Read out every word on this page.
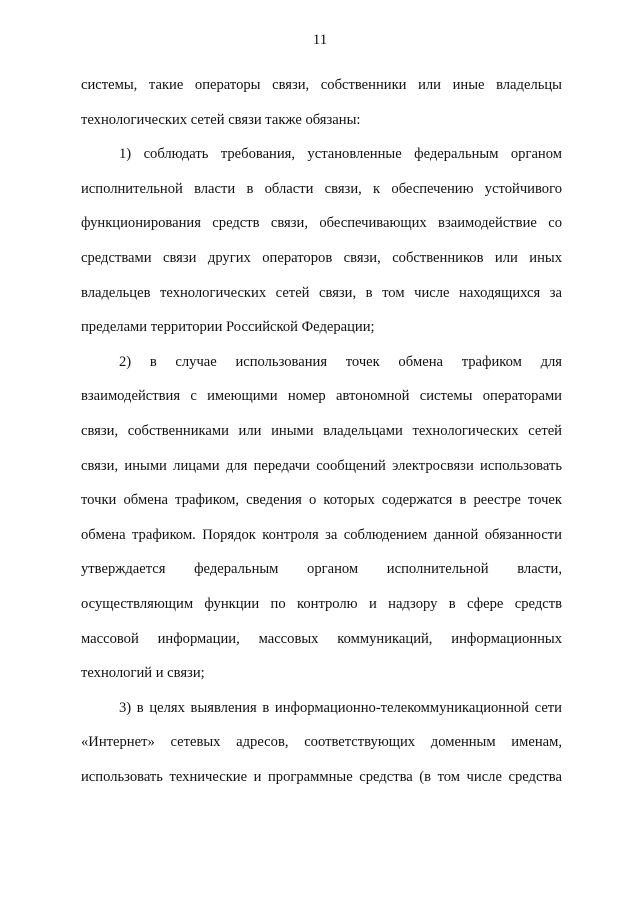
11
системы, такие операторы связи, собственники или иные владельцы
технологических сетей связи также обязаны:
1) соблюдать требования, установленные федеральным органом
исполнительной власти в области связи, к обеспечению устойчивого
функционирования средств связи, обеспечивающих взаимодействие со
средствами связи других операторов связи, собственников или иных
владельцев технологических сетей связи, в том числе находящихся за
пределами территории Российской Федерации;
2) в случае использования точек обмена трафиком для
взаимодействия с имеющими номер автономной системы операторами
связи, собственниками или иными владельцами технологических сетей
связи, иными лицами для передачи сообщений электросвязи использовать
точки обмена трафиком, сведения о которых содержатся в реестре точек
обмена трафиком. Порядок контроля за соблюдением данной обязанности
утверждается федеральным органом исполнительной власти,
осуществляющим функции по контролю и надзору в сфере средств
массовой информации, массовых коммуникаций, информационных
технологий и связи;
3) в целях выявления в информационно-телекоммуникационной сети
«Интернет» сетевых адресов, соответствующих доменным именам,
использовать технические и программные средства (в том числе средства
